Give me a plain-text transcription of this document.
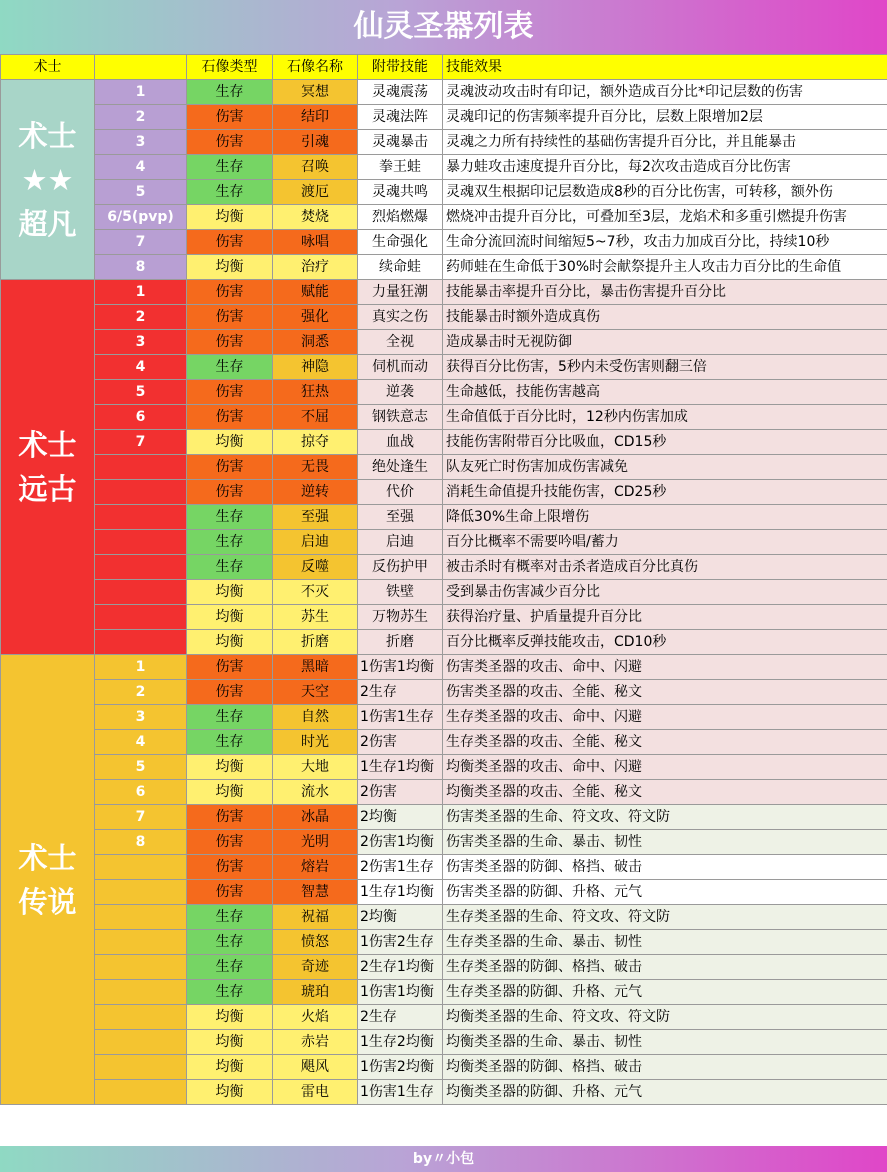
仙灵圣器列表
术士		石像类型	石像名称	附带技能	技能效果

术士
★★
超凡	1	生存	冥想	灵魂震荡	灵魂波动攻击时有印记，额外造成百分比*印记层数的伤害
	2	伤害	结印	灵魂法阵	灵魂印记的伤害频率提升百分比，层数上限增加2层
	3	伤害	引魂	灵魂暴击	灵魂之力所有持续性的基础伤害提升百分比，并且能暴击
	4	生存	召唤	拳王蛙	暴力蛙攻击速度提升百分比，每2次攻击造成百分比伤害
	5	生存	渡厄	灵魂共鸣	灵魂双生根据印记层数造成8秒的百分比伤害，可转移，额外伤
	6/5(pvp)	均衡	焚烧	烈焰燃爆	燃烧冲击提升百分比，可叠加至3层，龙焰术和多重引燃提升伤害
	7	伤害	咏唱	生命强化	生命分流回流时间缩短5~7秒，攻击力加成百分比，持续10秒
	8	均衡	治疗	续命蛙	药师蛙在生命低于30%时会献祭提升主人攻击力百分比的生命值

术士
远古	1	伤害	赋能	力量狂潮	技能暴击率提升百分比，暴击伤害提升百分比
	2	伤害	强化	真实之伤	技能暴击时额外造成真伤
	3	伤害	洞悉	全视	造成暴击时无视防御
	4	生存	神隐	伺机而动	获得百分比伤害，5秒内未受伤害则翻三倍
	5	伤害	狂热	逆袭	生命越低，技能伤害越高
	6	伤害	不屈	钢铁意志	生命值低于百分比时，12秒内伤害加成
	7	均衡	掠夺	血战	技能伤害附带百分比吸血，CD15秒
		伤害	无畏	绝处逢生	队友死亡时伤害加成伤害减免
		伤害	逆转	代价	消耗生命值提升技能伤害，CD25秒
		生存	至强	至强	降低30%生命上限增伤
		生存	启迪	启迪	百分比概率不需要吟唱/蓄力
		生存	反噬	反伤护甲	被击杀时有概率对击杀者造成百分比真伤
		均衡	不灭	铁壁	受到暴击伤害减少百分比
		均衡	苏生	万物苏生	获得治疗量、护盾量提升百分比
		均衡	折磨	折磨	百分比概率反弹技能攻击，CD10秒

术士
传说	1	伤害	黑暗	1伤害1均衡	伤害类圣器的攻击、命中、闪避
	2	伤害	天空	2生存	伤害类圣器的攻击、全能、秘文
	3	生存	自然	1伤害1生存	生存类圣器的攻击、命中、闪避
	4	生存	时光	2伤害	生存类圣器的攻击、全能、秘文
	5	均衡	大地	1生存1均衡	均衡类圣器的攻击、命中、闪避
	6	均衡	流水	2伤害	均衡类圣器的攻击、全能、秘文
	7	伤害	冰晶	2均衡	伤害类圣器的生命、符文攻、符文防
	8	伤害	光明	2伤害1均衡	伤害类圣器的生命、暴击、韧性
		伤害	熔岩	2伤害1生存	伤害类圣器的防御、格挡、破击
		伤害	智慧	1生存1均衡	伤害类圣器的防御、升格、元气
		生存	祝福	2均衡	生存类圣器的生命、符文攻、符文防
		生存	愤怒	1伤害2生存	生存类圣器的生命、暴击、韧性
		生存	奇迹	2生存1均衡	生存类圣器的防御、格挡、破击
		生存	琥珀	1伤害1均衡	生存类圣器的防御、升格、元气
		均衡	火焰	2生存	均衡类圣器的生命、符文攻、符文防
		均衡	赤岩	1生存2均衡	均衡类圣器的生命、暴击、韧性
		均衡	飓风	1伤害2均衡	均衡类圣器的防御、格挡、破击
		均衡	雷电	1伤害1生存	均衡类圣器的防御、升格、元气
by〃小包
